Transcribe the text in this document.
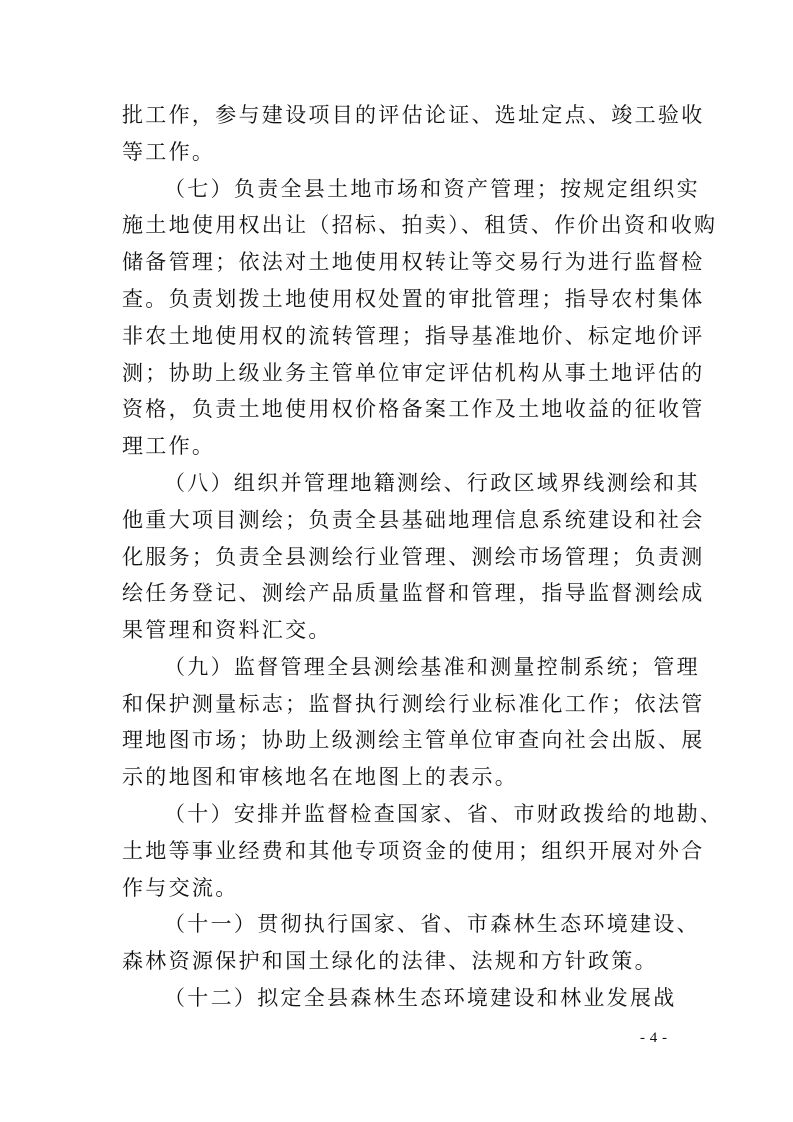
批工作，参与建设项目的评估论证、选址定点、竣工验收
等工作。
（七）负责全县土地市场和资产管理；按规定组织实
施土地使用权出让（招标、拍卖）、租赁、作价出资和收购
储备管理；依法对土地使用权转让等交易行为进行监督检
查。负责划拨土地使用权处置的审批管理；指导农村集体
非农土地使用权的流转管理；指导基准地价、标定地价评
测；协助上级业务主管单位审定评估机构从事土地评估的
资格，负责土地使用权价格备案工作及土地收益的征收管
理工作。
（八）组织并管理地籍测绘、行政区域界线测绘和其
他重大项目测绘；负责全县基础地理信息系统建设和社会
化服务；负责全县测绘行业管理、测绘市场管理；负责测
绘任务登记、测绘产品质量监督和管理，指导监督测绘成
果管理和资料汇交。
（九）监督管理全县测绘基准和测量控制系统；管理
和保护测量标志；监督执行测绘行业标准化工作；依法管
理地图市场；协助上级测绘主管单位审查向社会出版、展
示的地图和审核地名在地图上的表示。
（十）安排并监督检查国家、省、市财政拨给的地勘、
土地等事业经费和其他专项资金的使用；组织开展对外合
作与交流。
（十一）贯彻执行国家、省、市森林生态环境建设、
森林资源保护和国土绿化的法律、法规和方针政策。
（十二）拟定全县森林生态环境建设和林业发展战
- 4 -
